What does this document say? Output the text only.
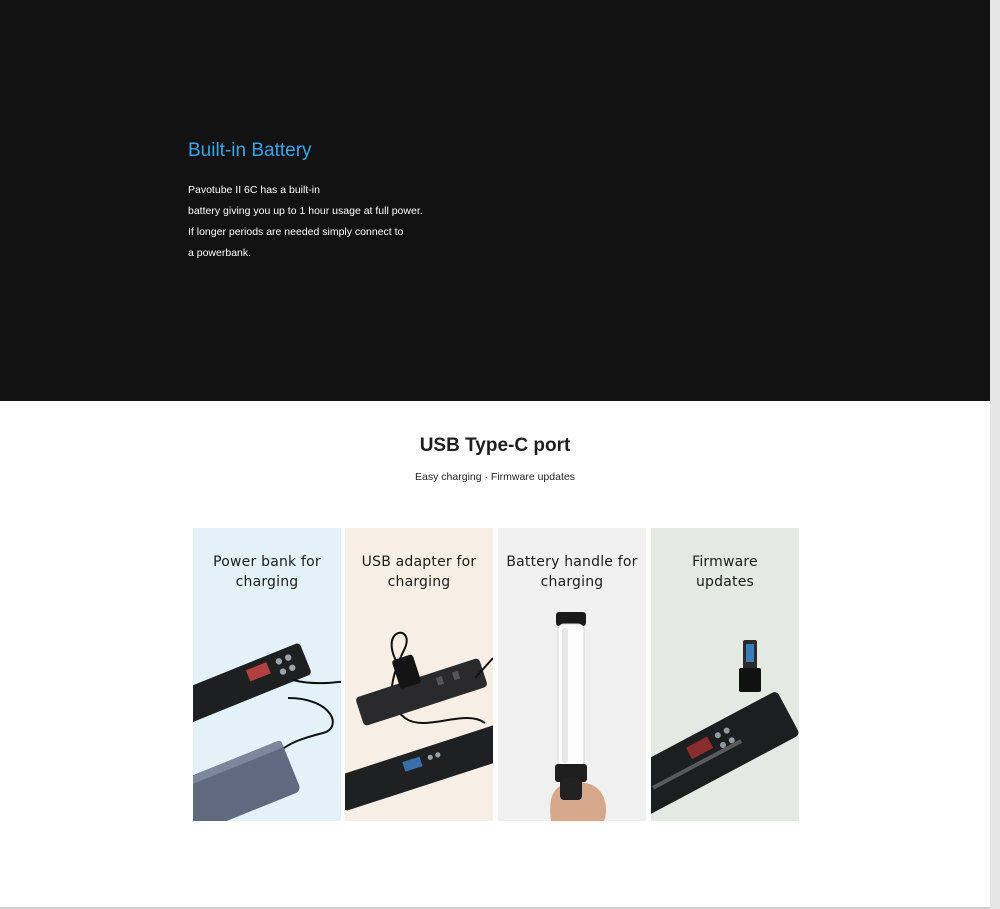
Built-in Battery
Pavotube II 6C has a built-in
battery giving you up to 1 hour usage at full power.
If longer periods are needed simply connect to
a powerbank.
USB Type-C port

Easy charging · Firmware updates

Power bank for
charging
USB adapter for
charging
Battery handle for
charging
Firmware
updates
